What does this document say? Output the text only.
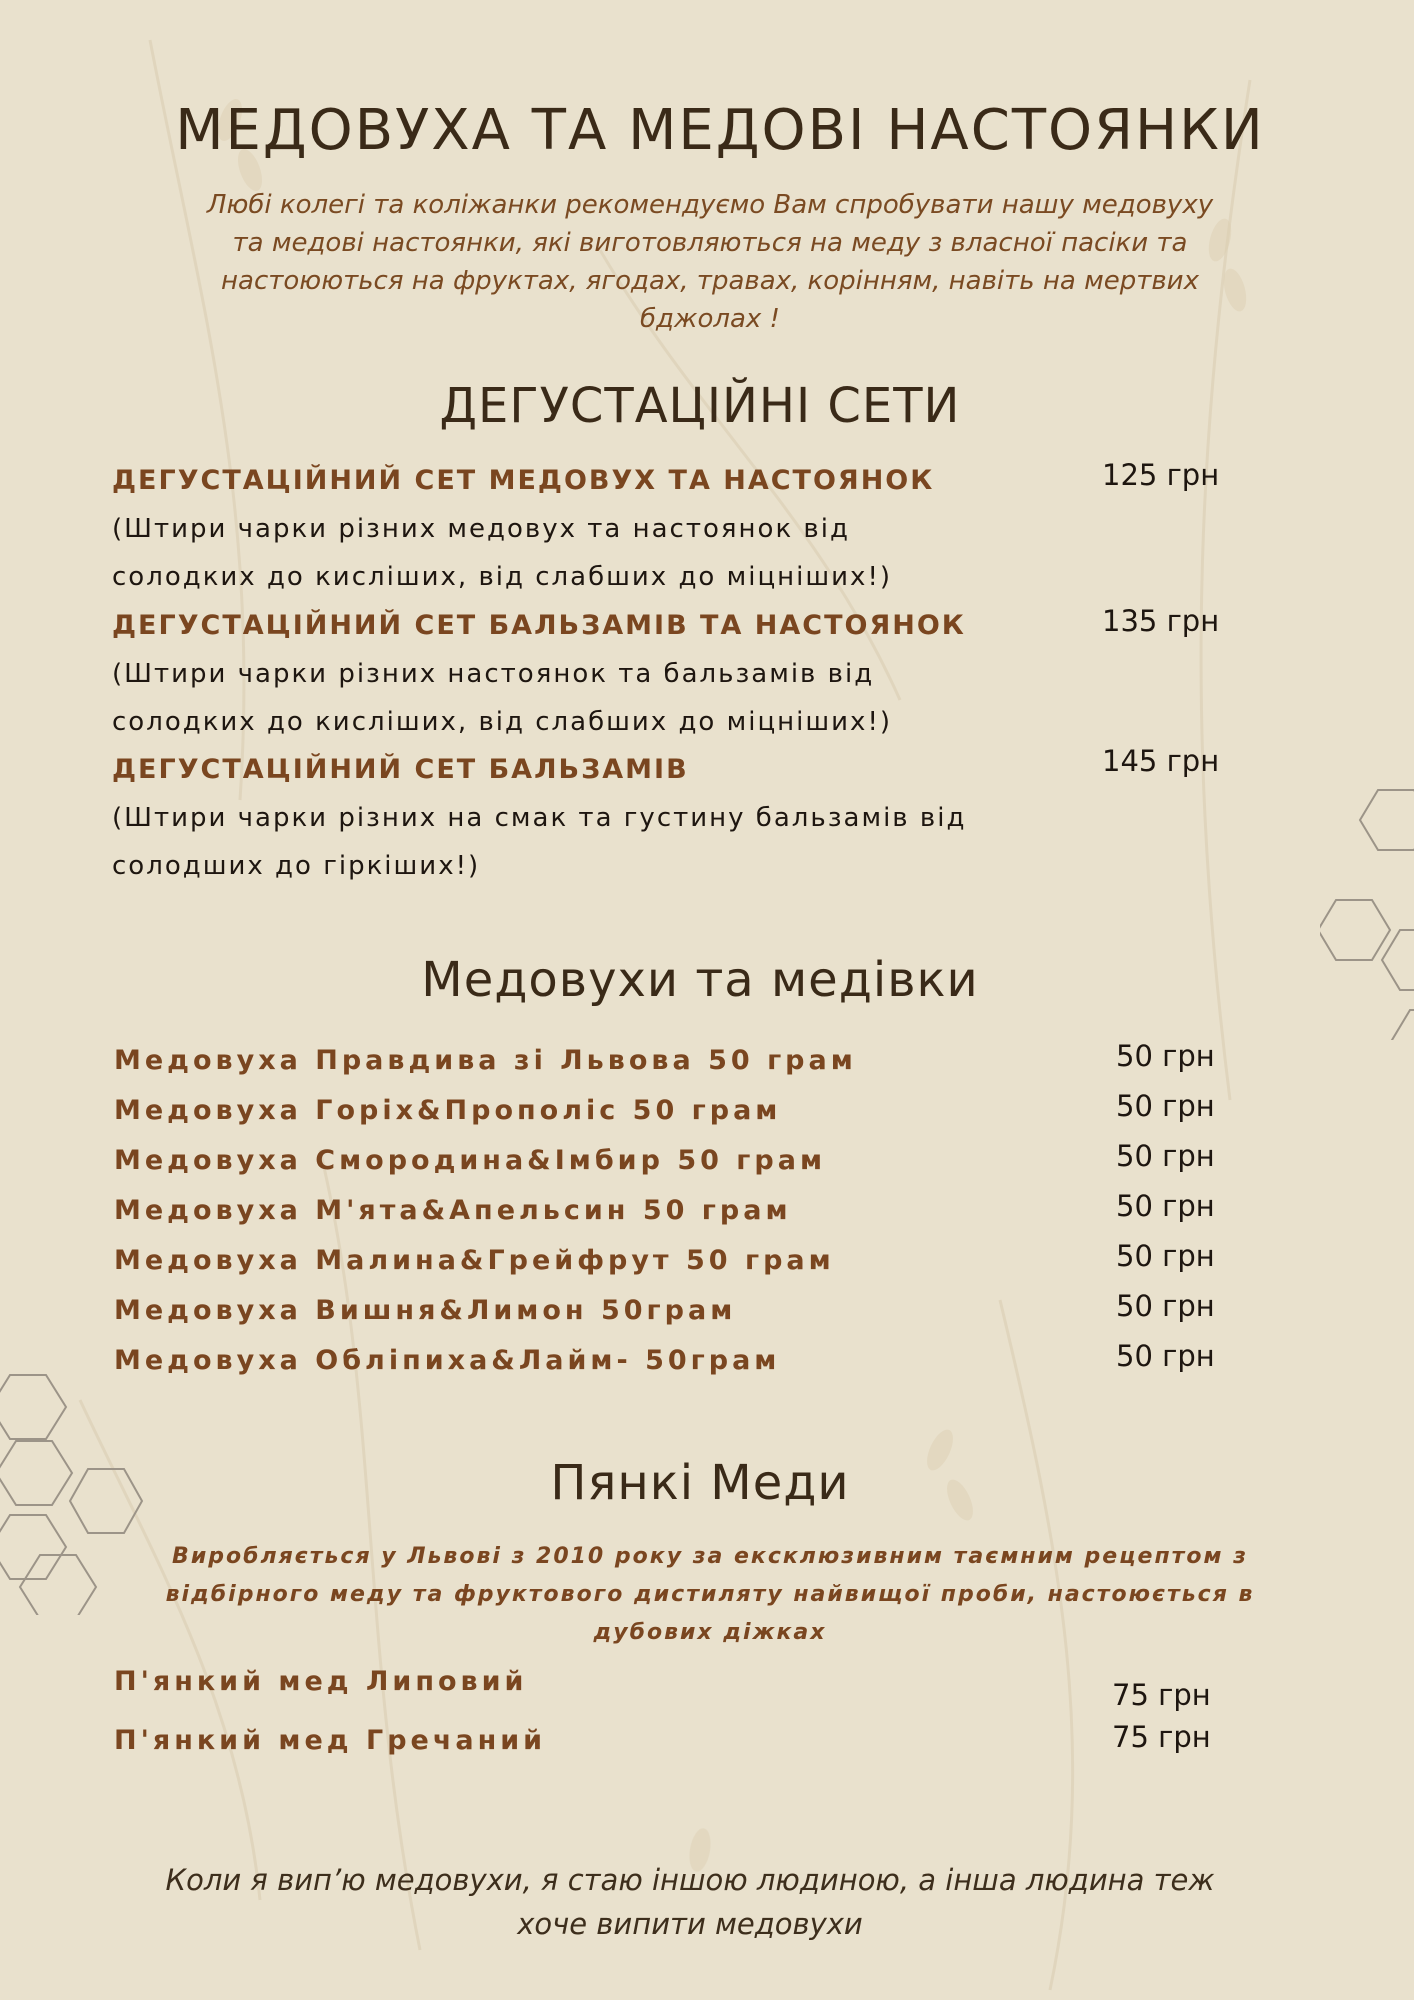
МЕДОВУХА ТА МЕДОВІ НАСТОЯНКИ
Любі колегі та коліжанки рекомендуємо Вам спробувати нашу медовуху
та медові настоянки, які виготовляються на меду з власної пасіки та
настоюються на фруктах, ягодах, травах, корінням, навіть на мертвих
бджолах !
ДЕГУСТАЦІЙНІ СЕТИ
ДЕГУСТАЦІЙНИЙ СЕТ МЕДОВУХ ТА НАСТОЯНОК	125 грн
(Штири чарки різних медовух та настоянок від
солодких до кисліших, від слабших до міцніших!)
ДЕГУСТАЦІЙНИЙ СЕТ БАЛЬЗАМІВ ТА НАСТОЯНОК	135 грн
(Штири чарки різних настоянок та бальзамів від
солодких до кисліших, від слабших до міцніших!)
ДЕГУСТАЦІЙНИЙ СЕТ БАЛЬЗАМІВ	145 грн
(Штири чарки різних на смак та густину бальзамів від
солодших до гіркіших!)
Медовухи та медівки
Медовуха Правдива зі Львова 50 грам	50 грн
Медовуха Горіх&Прополіс 50 грам	50 грн
Медовуха Смородина&Імбир 50 грам	50 грн
Медовуха М'ята&Апельсин 50 грам	50 грн
Медовуха Малина&Грейфрут 50 грам	50 грн
Медовуха Вишня&Лимон 50грам	50 грн
Медовуха Обліпиха&Лайм- 50грам	50 грн
Пянкі Меди
Виробляється у Львові з 2010 року за ексклюзивним таємним рецептом з
відбірного меду та фруктового дистиляту найвищої проби, настоюється в
дубових діжках
П'янкий мед Липовий	75 грн
П'янкий мед Гречаний	75 грн
Коли я вип’ю медовухи, я стаю іншою людиною, а інша людина теж
хоче випити медовухи
